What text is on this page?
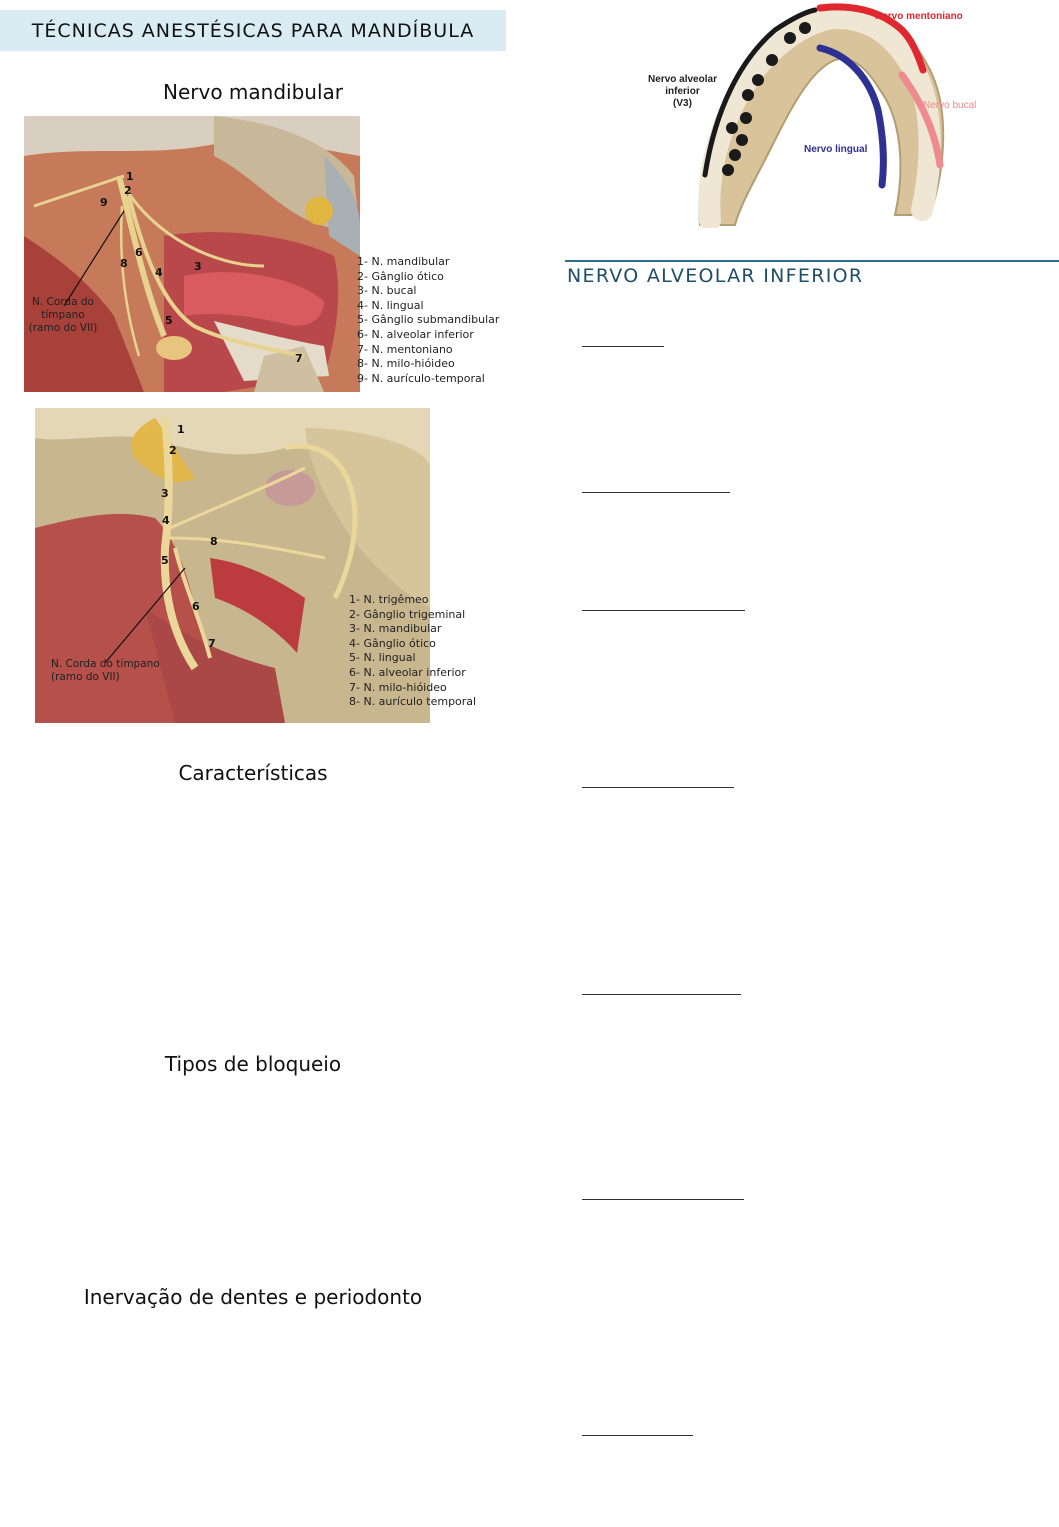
TÉCNICAS ANESTÉSICAS PARA MANDÍBULA
Nervo mandibular
1
2
3
4
5
6
7
8
9
N. Corda do
tímpano
(ramo do VII)
1- N. mandibular
2- Gânglio ótico
3- N. bucal
4- N. lingual
5- Gânglio submandibular
6- N. alveolar inferior
7- N. mentoniano
8- N. milo-hióideo
9- N. aurículo-temporal
1
2
3
4
5
6
7
8
N. Corda do tímpano
(ramo do VII)
1- N. trigêmeo
2- Gânglio trigeminal
3- N. mandibular
4- Gânglio ótico
5- N. lingual
6- N. alveolar inferior
7- N. milo-hióideo
8- N. aurículo temporal
Características
Tipos de bloqueio
Inervação de dentes e periodonto
Nervo alveolar
inferior
(V3)
Nervo mentoniano
Nervo bucal
Nervo lingual
NERVO ALVEOLAR INFERIOR
